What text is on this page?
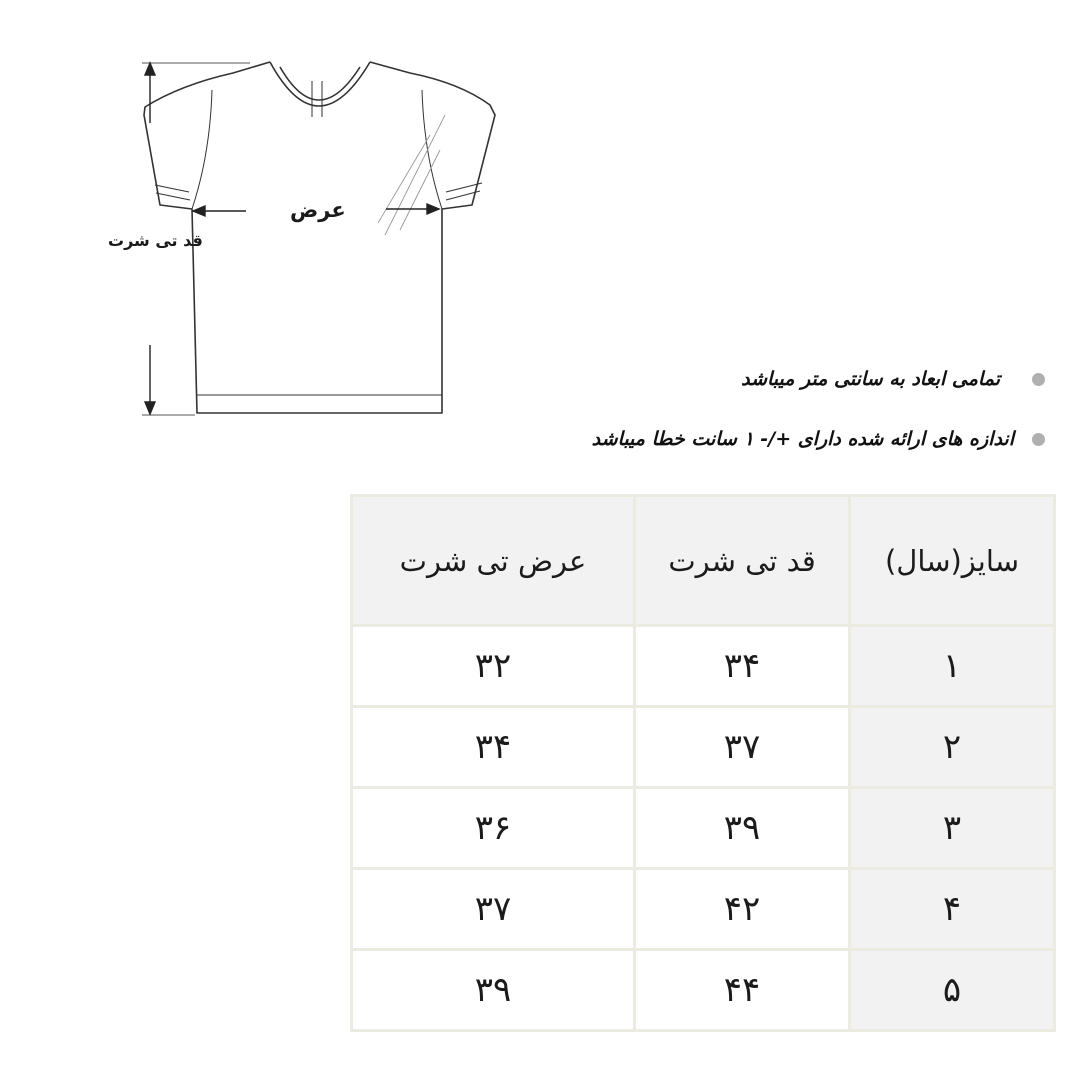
عرض
قد تی شرت
تمامی ابعاد به سانتی متر میباشد
اندازه های ارائه شده دارای +/- ۱ سانت خطا میباشد
سایز(سال)	قد تی شرت	عرض تی شرت
۱	۳۴	۳۲
۲	۳۷	۳۴
۳	۳۹	۳۶
۴	۴۲	۳۷
۵	۴۴	۳۹
